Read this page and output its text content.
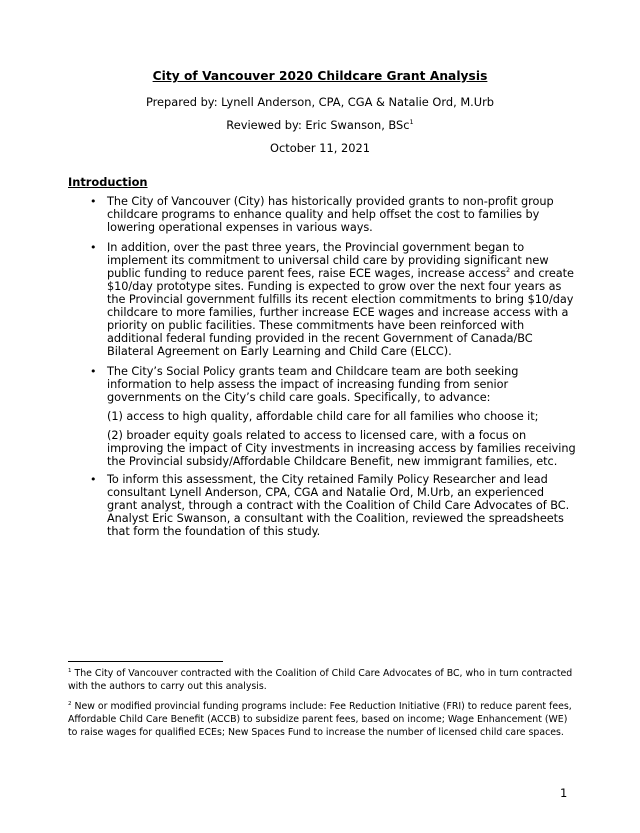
City of Vancouver 2020 Childcare Grant Analysis
Prepared by: Lynell Anderson, CPA, CGA & Natalie Ord, M.Urb
Reviewed by: Eric Swanson, BSc$^1$
October 11, 2021
Introduction
• The City of Vancouver (City) has historically provided grants to non-profit group childcare programs to enhance quality and help offset the cost to families by lowering operational expenses in various ways.

• In addition, over the past three years, the Provincial government began to implement its commitment to universal child care by providing significant new public funding to reduce parent fees, raise ECE wages, increase access$^2$ and create $10/day prototype sites. Funding is expected to grow over the next four years as the Provincial government fulfills its recent election commitments to bring $10/day childcare to more families, further increase ECE wages and increase access with a priority on public facilities. These commitments have been reinforced with additional federal funding provided in the recent Government of Canada/BC Bilateral Agreement on Early Learning and Child Care (ELCC).

• The City’s Social Policy grants team and Childcare team are both seeking information to help assess the impact of increasing funding from senior governments on the City’s child care goals. Specifically, to advance:

(1) access to high quality, affordable child care for all families who choose it;

(2) broader equity goals related to access to licensed care, with a focus on improving the impact of City investments in increasing access by families receiving the Provincial subsidy/Affordable Childcare Benefit, new immigrant families, etc.

• To inform this assessment, the City retained Family Policy Researcher and lead consultant Lynell Anderson, CPA, CGA and Natalie Ord, M.Urb, an experienced grant analyst, through a contract with the Coalition of Child Care Advocates of BC. Analyst Eric Swanson, a consultant with the Coalition, reviewed the spreadsheets that form the foundation of this study.

$^1$ The City of Vancouver contracted with the Coalition of Child Care Advocates of BC, who in turn contracted with the authors to carry out this analysis.
$^2$ New or modified provincial funding programs include: Fee Reduction Initiative (FRI) to reduce parent fees, Affordable Child Care Benefit (ACCB) to subsidize parent fees, based on income; Wage Enhancement (WE) to raise wages for qualified ECEs; New Spaces Fund to increase the number of licensed child care spaces.
1
